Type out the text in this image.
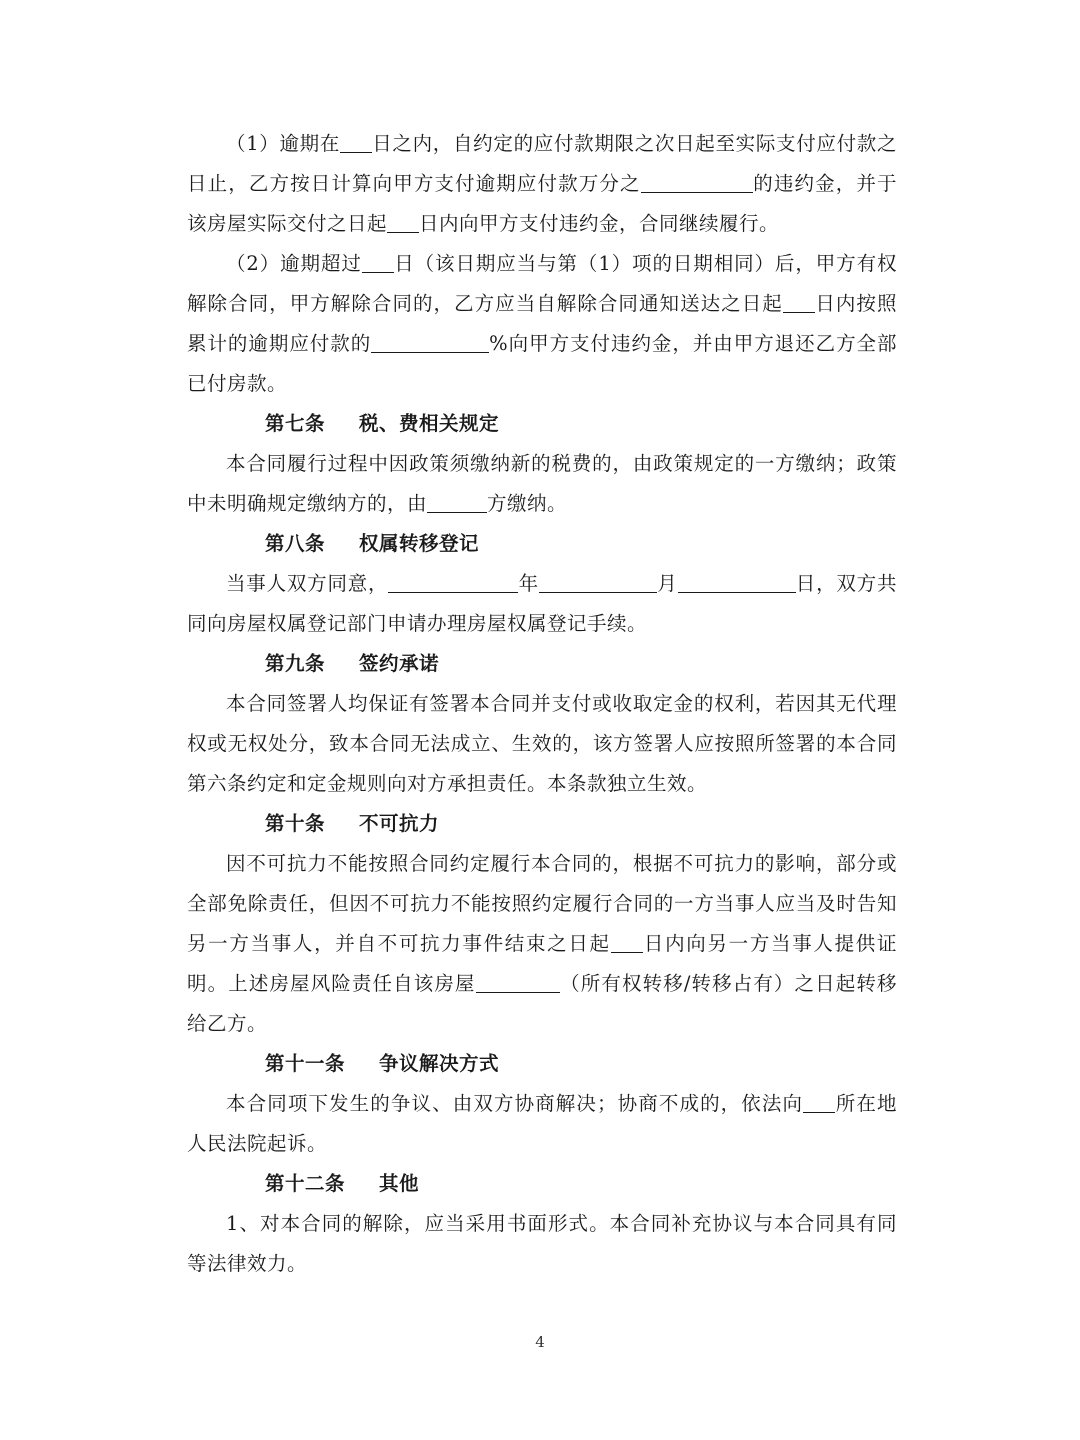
（1）逾期在 日之内，自约定的应付款期限之次日起至实际支付应付款之日止，乙方按日计算向甲方支付逾期应付款万分之	的违约金，并于该房屋实际交付之日起 日内向甲方支付违约金，合同继续履行。

（2）逾期超过 日（该日期应当与第（1）项的日期相同）后，甲方有权解除合同，甲方解除合同的，乙方应当自解除合同通知送达之日起 日内按照累计的逾期应付款的	%向甲方支付违约金，并由甲方退还乙方全部已付房款。

第七条 税、费相关规定

本合同履行过程中因政策须缴纳新的税费的，由政策规定的一方缴纳；政策中未明确规定缴纳方的，由	方缴纳。

第八条 权属转移登记

当事人双方同意，	年	月	日，双方共同向房屋权属登记部门申请办理房屋权属登记手续。

第九条 签约承诺

本合同签署人均保证有签署本合同并支付或收取定金的权利，若因其无代理权或无权处分，致本合同无法成立、生效的，该方签署人应按照所签署的本合同第六条约定和定金规则向对方承担责任。本条款独立生效。

第十条 不可抗力

因不可抗力不能按照合同约定履行本合同的，根据不可抗力的影响，部分或全部免除责任，但因不可抗力不能按照约定履行合同的一方当事人应当及时告知另一方当事人，并自不可抗力事件结束之日起 日内向另一方当事人提供证明。上述房屋风险责任自该房屋	（所有权转移/转移占有）之日起转移给乙方。

第十一条 争议解决方式

本合同项下发生的争议、由双方协商解决；协商不成的，依法向 所在地人民法院起诉。

第十二条 其他

1、对本合同的解除，应当采用书面形式。本合同补充协议与本合同具有同等法律效力。

4
